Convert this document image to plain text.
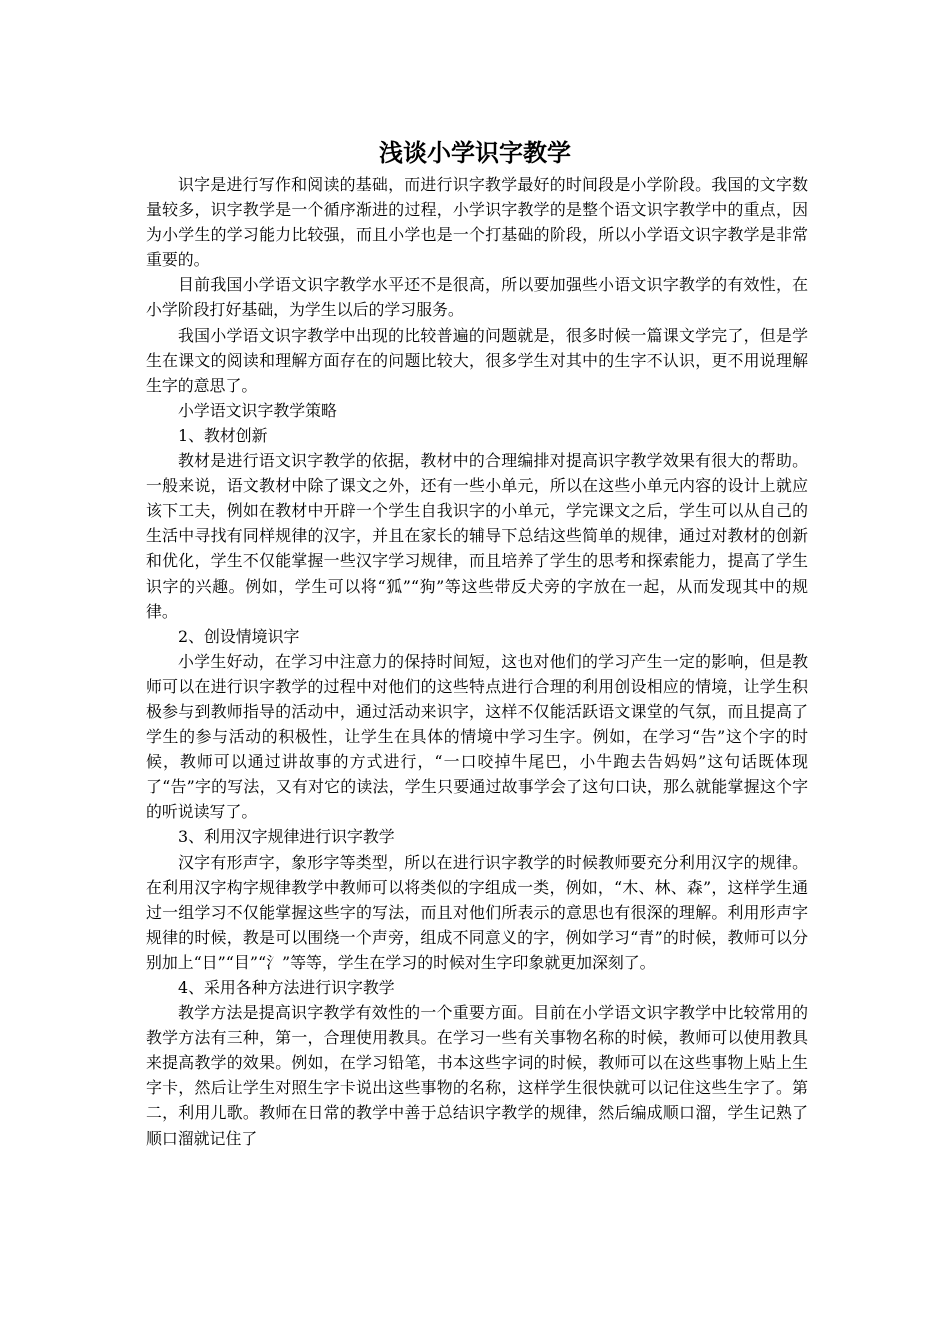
浅谈小学识字教学

识字是进行写作和阅读的基础，而进行识字教学最好的时间段是小学阶段。我国的文字数量较多，识字教学是一个循序渐进的过程，小学识字教学的是整个语文识字教学中的重点，因为小学生的学习能力比较强，而且小学也是一个打基础的阶段，所以小学语文识字教学是非常重要的。

目前我国小学语文识字教学水平还不是很高，所以要加强些小语文识字教学的有效性，在小学阶段打好基础，为学生以后的学习服务。

我国小学语文识字教学中出现的比较普遍的问题就是，很多时候一篇课文学完了，但是学生在课文的阅读和理解方面存在的问题比较大，很多学生对其中的生字不认识，更不用说理解生字的意思了。

小学语文识字教学策略

1、教材创新

教材是进行语文识字教学的依据，教材中的合理编排对提高识字教学效果有很大的帮助。一般来说，语文教材中除了课文之外，还有一些小单元，所以在这些小单元内容的设计上就应该下工夫，例如在教材中开辟一个学生自我识字的小单元，学完课文之后，学生可以从自己的生活中寻找有同样规律的汉字，并且在家长的辅导下总结这些简单的规律，通过对教材的创新和优化，学生不仅能掌握一些汉字学习规律，而且培养了学生的思考和探索能力，提高了学生识字的兴趣。例如，学生可以将“狐”“狗”等这些带反犬旁的字放在一起，从而发现其中的规律。

2、创设情境识字

小学生好动，在学习中注意力的保持时间短，这也对他们的学习产生一定的影响，但是教师可以在进行识字教学的过程中对他们的这些特点进行合理的利用创设相应的情境，让学生积极参与到教师指导的活动中，通过活动来识字，这样不仅能活跃语文课堂的气氛，而且提高了学生的参与活动的积极性，让学生在具体的情境中学习生字。例如，在学习“告”这个字的时候，教师可以通过讲故事的方式进行，“一口咬掉牛尾巴，小牛跑去告妈妈”这句话既体现了“告”字的写法，又有对它的读法，学生只要通过故事学会了这句口诀，那么就能掌握这个字的听说读写了。

3、利用汉字规律进行识字教学

汉字有形声字，象形字等类型，所以在进行识字教学的时候教师要充分利用汉字的规律。在利用汉字构字规律教学中教师可以将类似的字组成一类，例如，“木、林、森”，这样学生通过一组学习不仅能掌握这些字的写法，而且对他们所表示的意思也有很深的理解。利用形声字规律的时候，教是可以围绕一个声旁，组成不同意义的字，例如学习“青”的时候，教师可以分别加上“日”“目”“氵”等等，学生在学习的时候对生字印象就更加深刻了。

4、采用各种方法进行识字教学

教学方法是提高识字教学有效性的一个重要方面。目前在小学语文识字教学中比较常用的教学方法有三种，第一，合理使用教具。在学习一些有关事物名称的时候，教师可以使用教具来提高教学的效果。例如，在学习铅笔，书本这些字词的时候，教师可以在这些事物上贴上生字卡，然后让学生对照生字卡说出这些事物的名称，这样学生很快就可以记住这些生字了。第二，利用儿歌。教师在日常的教学中善于总结识字教学的规律，然后编成顺口溜，学生记熟了顺口溜就记住了
